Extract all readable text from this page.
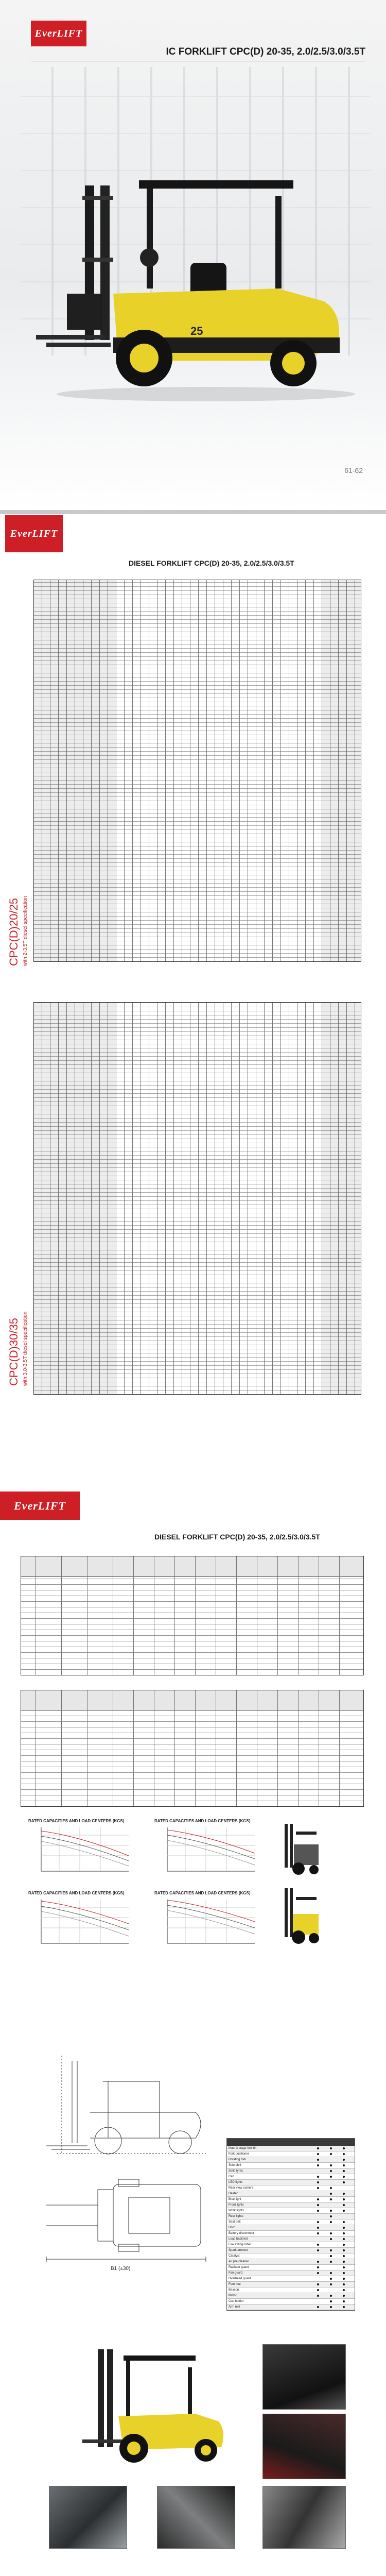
EverLIFT
IC FORKLIFT CPC(D) 20-35, 2.0/2.5/3.0/3.5T
25
61-62
EverLIFT
DIESEL FORKLIFT CPC(D) 20-35, 2.0/2.5/3.0/3.5T
CPC(D)20/25 with 2-3.5T diesel specification
CPC(D)30/35 with 3.0-3.5T diesel specification
EverLIFT
DIESEL FORKLIFT CPC(D) 20-35, 2.0/2.5/3.0/3.5T
RATED CAPACITIES AND LOAD CENTERS (KGS)	RATED CAPACITIES AND LOAD CENTERS (KGS)
RATED CAPACITIES AND LOAD CENTERS (KGS)	RATED CAPACITIES AND LOAD CENTERS (KGS)
B1 (±30)
Mast 3-stage fork tilt
Fork positioner
Rotating fork
Side shift
Solid tyres
Cab
LED lights
Rear view camera
Heater
Blue light
Front lights
Work lights
Rear lights
Seat belt
Horn
Battery disconnect
Load backrest
Fire extinguisher
Spark arrestor
Catalyst
Air pre-cleaner
Radiator guard
Fan guard
Overhead guard
Foot mat
Beacon
Mirror
Cup holder
Arm rest
